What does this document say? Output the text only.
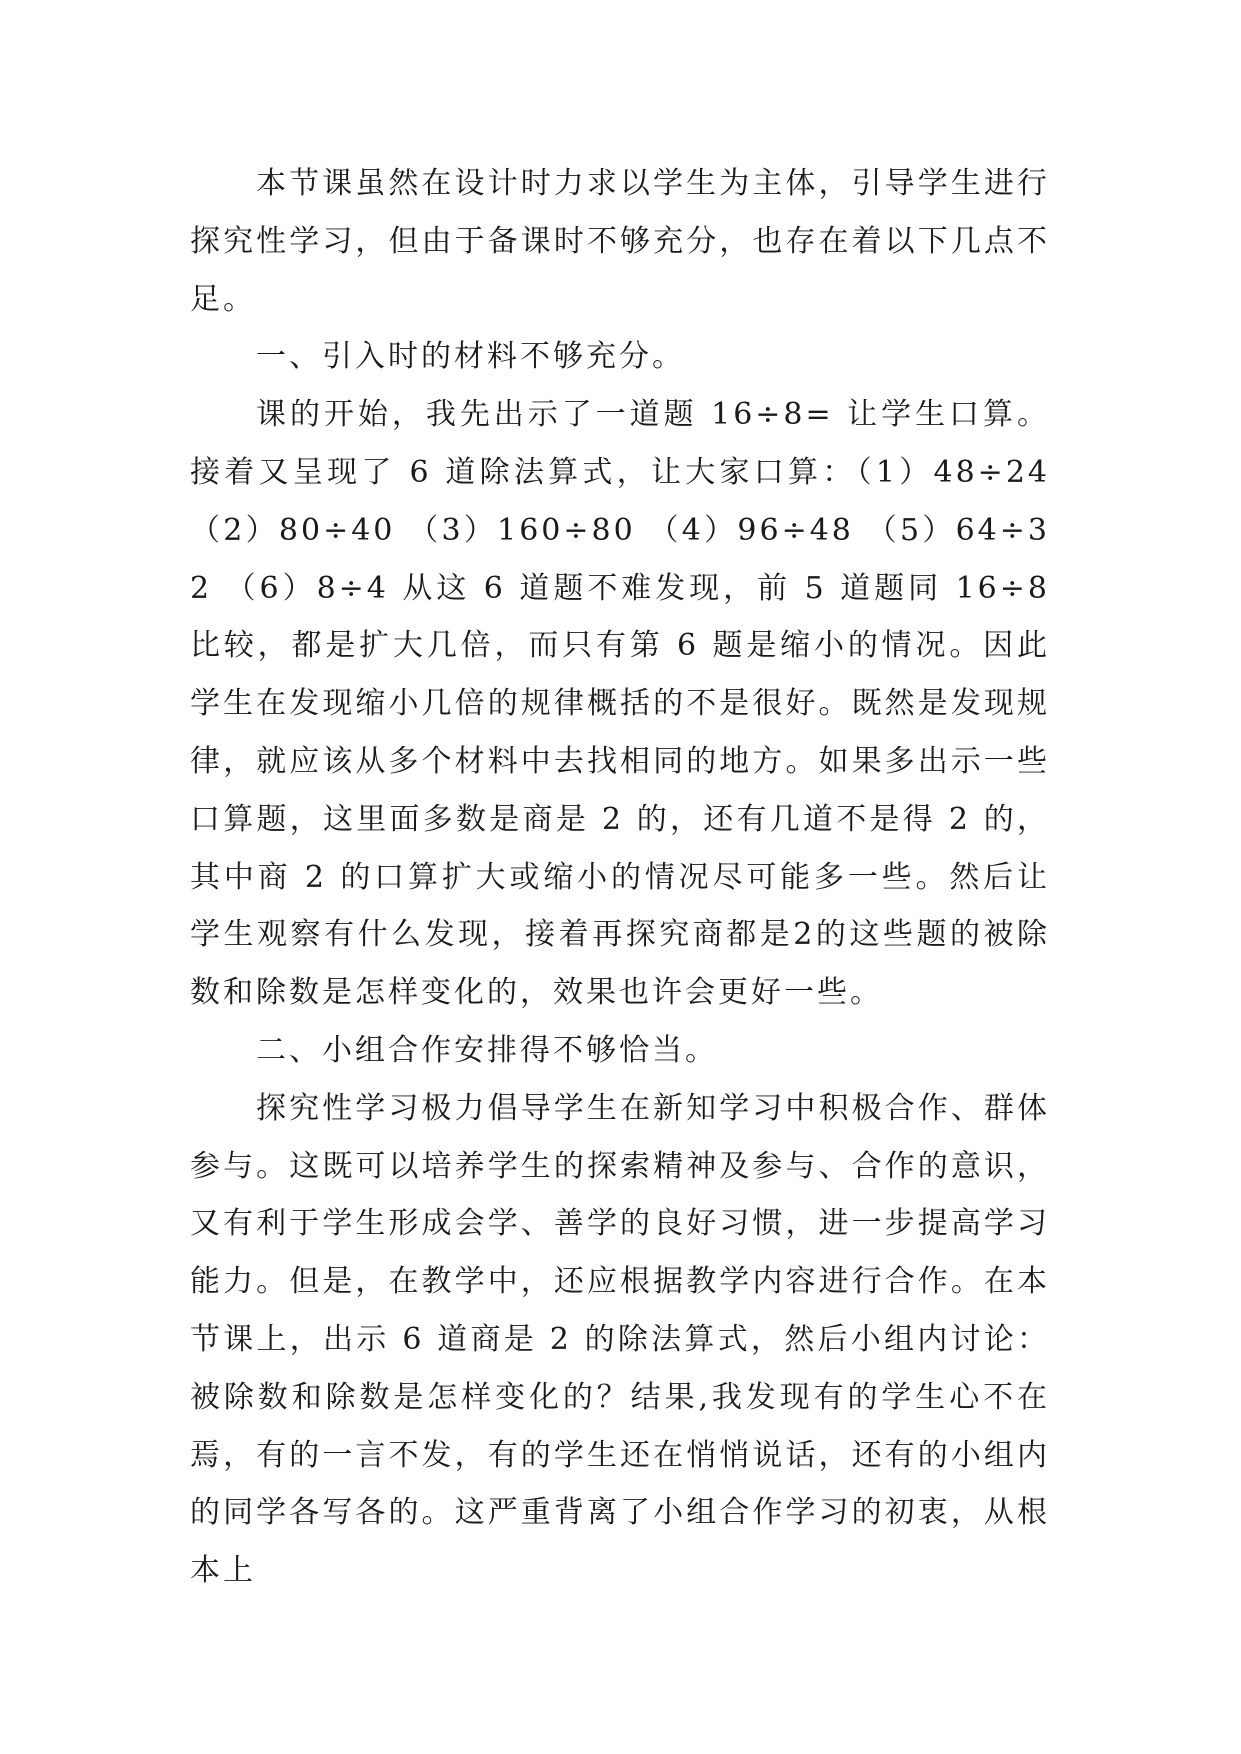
本节课虽然在设计时力求以学生为主体，引导学生进行探究性学习，但由于备课时不够充分，也存在着以下几点不足。

一、引入时的材料不够充分。

课的开始，我先出示了一道题 16÷8= 让学生口算。接着又呈现了 6 道除法算式，让大家口算：（1）48÷24 （2）80÷40 （3）160÷80 （4）96÷48 （5）64÷32 （6）8÷4 从这 6 道题不难发现，前 5 道题同 16÷8 比较，都是扩大几倍，而只有第 6 题是缩小的情况。因此学生在发现缩小几倍的规律概括的不是很好。既然是发现规律，就应该从多个材料中去找相同的地方。如果多出示一些口算题，这里面多数是商是 2 的，还有几道不是得 2 的，其中商 2 的口算扩大或缩小的情况尽可能多一些。然后让学生观察有什么发现，接着再探究商都是2的这些题的被除数和除数是怎样变化的，效果也许会更好一些。

二、小组合作安排得不够恰当。

探究性学习极力倡导学生在新知学习中积极合作、群体参与。这既可以培养学生的探索精神及参与、合作的意识，又有利于学生形成会学、善学的良好习惯，进一步提高学习能力。但是，在教学中，还应根据教学内容进行合作。在本节课上，出示 6 道商是 2 的除法算式，然后小组内讨论：被除数和除数是怎样变化的？结果,我发现有的学生心不在焉，有的一言不发，有的学生还在悄悄说话，还有的小组内的同学各写各的。这严重背离了小组合作学习的初衷，从根本上
